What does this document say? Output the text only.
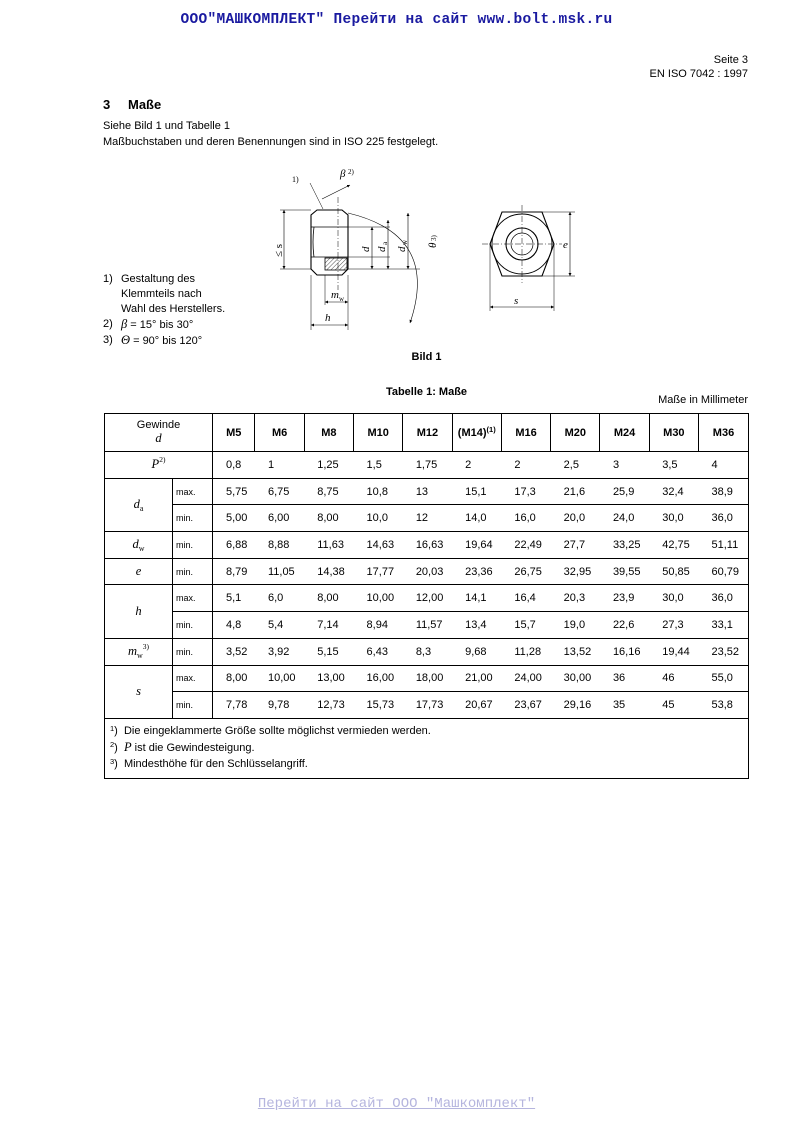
ООО"МАШКОМПЛЕКТ" Перейти на сайт www.bolt.msk.ru
Seite 3
EN ISO 7042 : 1997
3 Maße
Siehe Bild 1 und Tabelle 1
Maßbuchstaben und deren Benennungen sind in ISO 225 festgelegt.
1)	β 2)
≤ s	d d
a
d
w
θ
3)
m w
h
e
s
1) Gestaltung des
Klemmteils nach
Wahl des Herstellers.
2) β = 15° bis 30°
3) Θ = 90° bis 120°
Bild 1
Tabelle 1: Maße
Maße in Millimeter
Gewinde
d		M5	M6	M8	M10	M12	$(M14)^{(1)}$	M16	M20	M24	M30	M36
$P^{2)}$		0,8	1	1,25	1,5	1,75	2	2	2,5	3	3,5	4
$d_a$	max.	5,75	6,75	8,75	10,8	13	15,1	17,3	21,6	25,9	32,4	38,9
	min.	5,00	6,00	8,00	10,0	12	14,0	16,0	20,0	24,0	30,0	36,0
$d_w$	min.	6,88	8,88	11,63	14,63	16,63	19,64	22,49	27,7	33,25	42,75	51,11
e	min.	8,79	11,05	14,38	17,77	20,03	23,36	26,75	32,95	39,55	50,85	60,79
h	max.	5,1	6,0	8,00	10,00	12,00	14,1	16,4	20,3	23,9	30,0	36,0
	min.	4,8	5,4	7,14	8,94	11,57	13,4	15,7	19,0	22,6	27,3	33,1
$m_w^{3)}$	min.	3,52	3,92	5,15	6,43	8,3	9,68	11,28	13,52	16,16	19,44	23,52
s	max.	8,00	10,00	13,00	16,00	18,00	21,00	24,00	30,00	36	46	55,0
	min.	7,78	9,78	12,73	15,73	17,73	20,67	23,67	29,16	35	45	53,8

$^1$)  Die eingeklammerte Größe sollte möglichst vermieden werden.
$^2$)  P ist die Gewindesteigung.
$^3$)  Mindesthöhe für den Schlüsselangriff.												
Перейти на сайт ООО "Машкомплект"
